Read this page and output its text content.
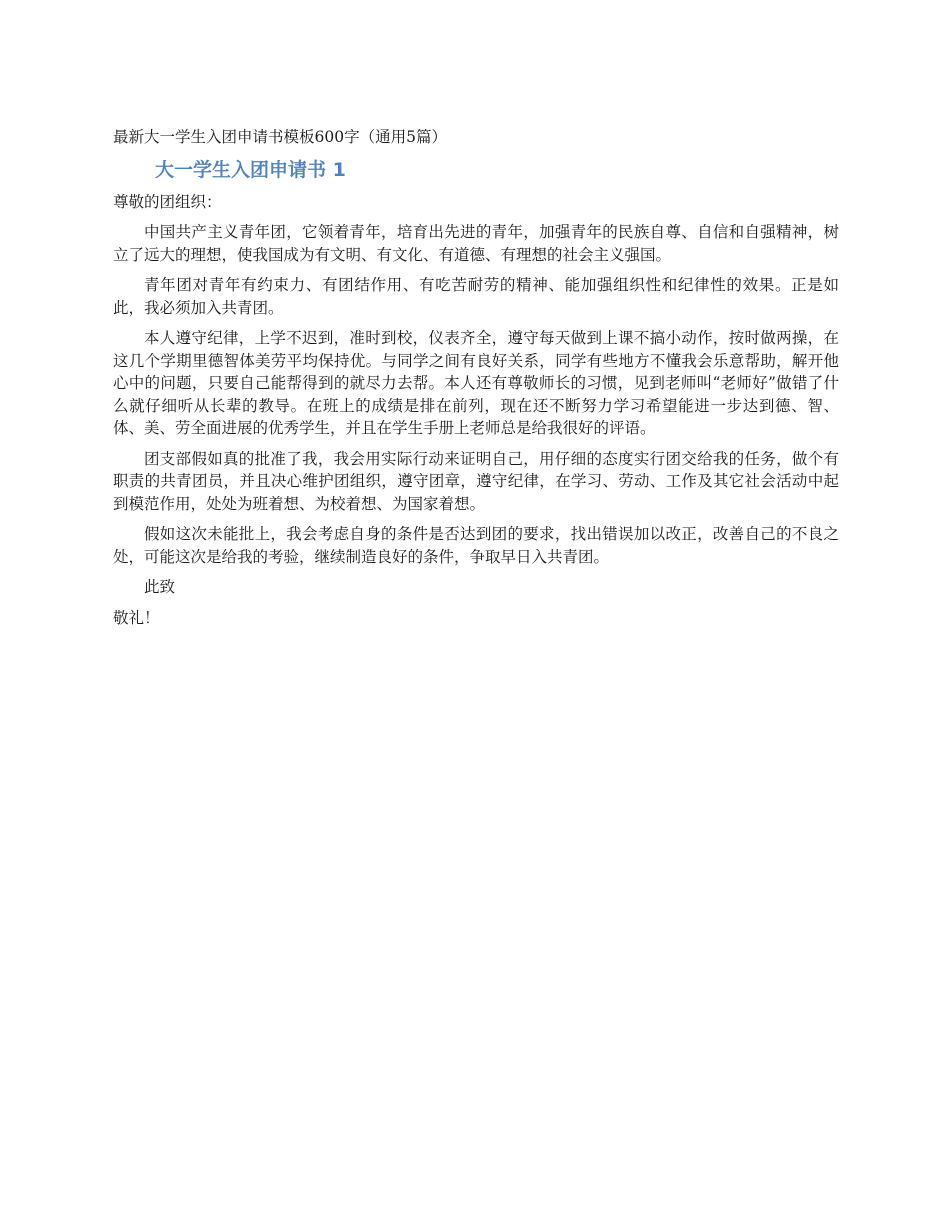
最新大一学生入团申请书模板600字（通用5篇）

大一学生入团申请书 1

尊敬的团组织：

中国共产主义青年团，它领着青年，培育出先进的青年，加强青年的民族自尊、自信和自强精神，树立了远大的理想，使我国成为有文明、有文化、有道德、有理想的社会主义强国。

青年团对青年有约束力、有团结作用、有吃苦耐劳的精神、能加强组织性和纪律性的效果。正是如此，我必须加入共青团。

本人遵守纪律，上学不迟到，准时到校，仪表齐全，遵守每天做到上课不搞小动作，按时做两操，在这几个学期里德智体美劳平均保持优。与同学之间有良好关系，同学有些地方不懂我会乐意帮助，解开他心中的问题，只要自己能帮得到的就尽力去帮。本人还有尊敬师长的习惯，见到老师叫“老师好”做错了什么就仔细听从长辈的教导。在班上的成绩是排在前列，现在还不断努力学习希望能进一步达到德、智、体、美、劳全面进展的优秀学生，并且在学生手册上老师总是给我很好的评语。

团支部假如真的批准了我，我会用实际行动来证明自己，用仔细的态度实行团交给我的任务，做个有职责的共青团员，并且决心维护团组织，遵守团章，遵守纪律，在学习、劳动、工作及其它社会活动中起到模范作用，处处为班着想、为校着想、为国家着想。

假如这次未能批上，我会考虑自身的条件是否达到团的要求，找出错误加以改正，改善自己的不良之处，可能这次是给我的考验，继续制造良好的条件，争取早日入共青团。

此致

敬礼！
